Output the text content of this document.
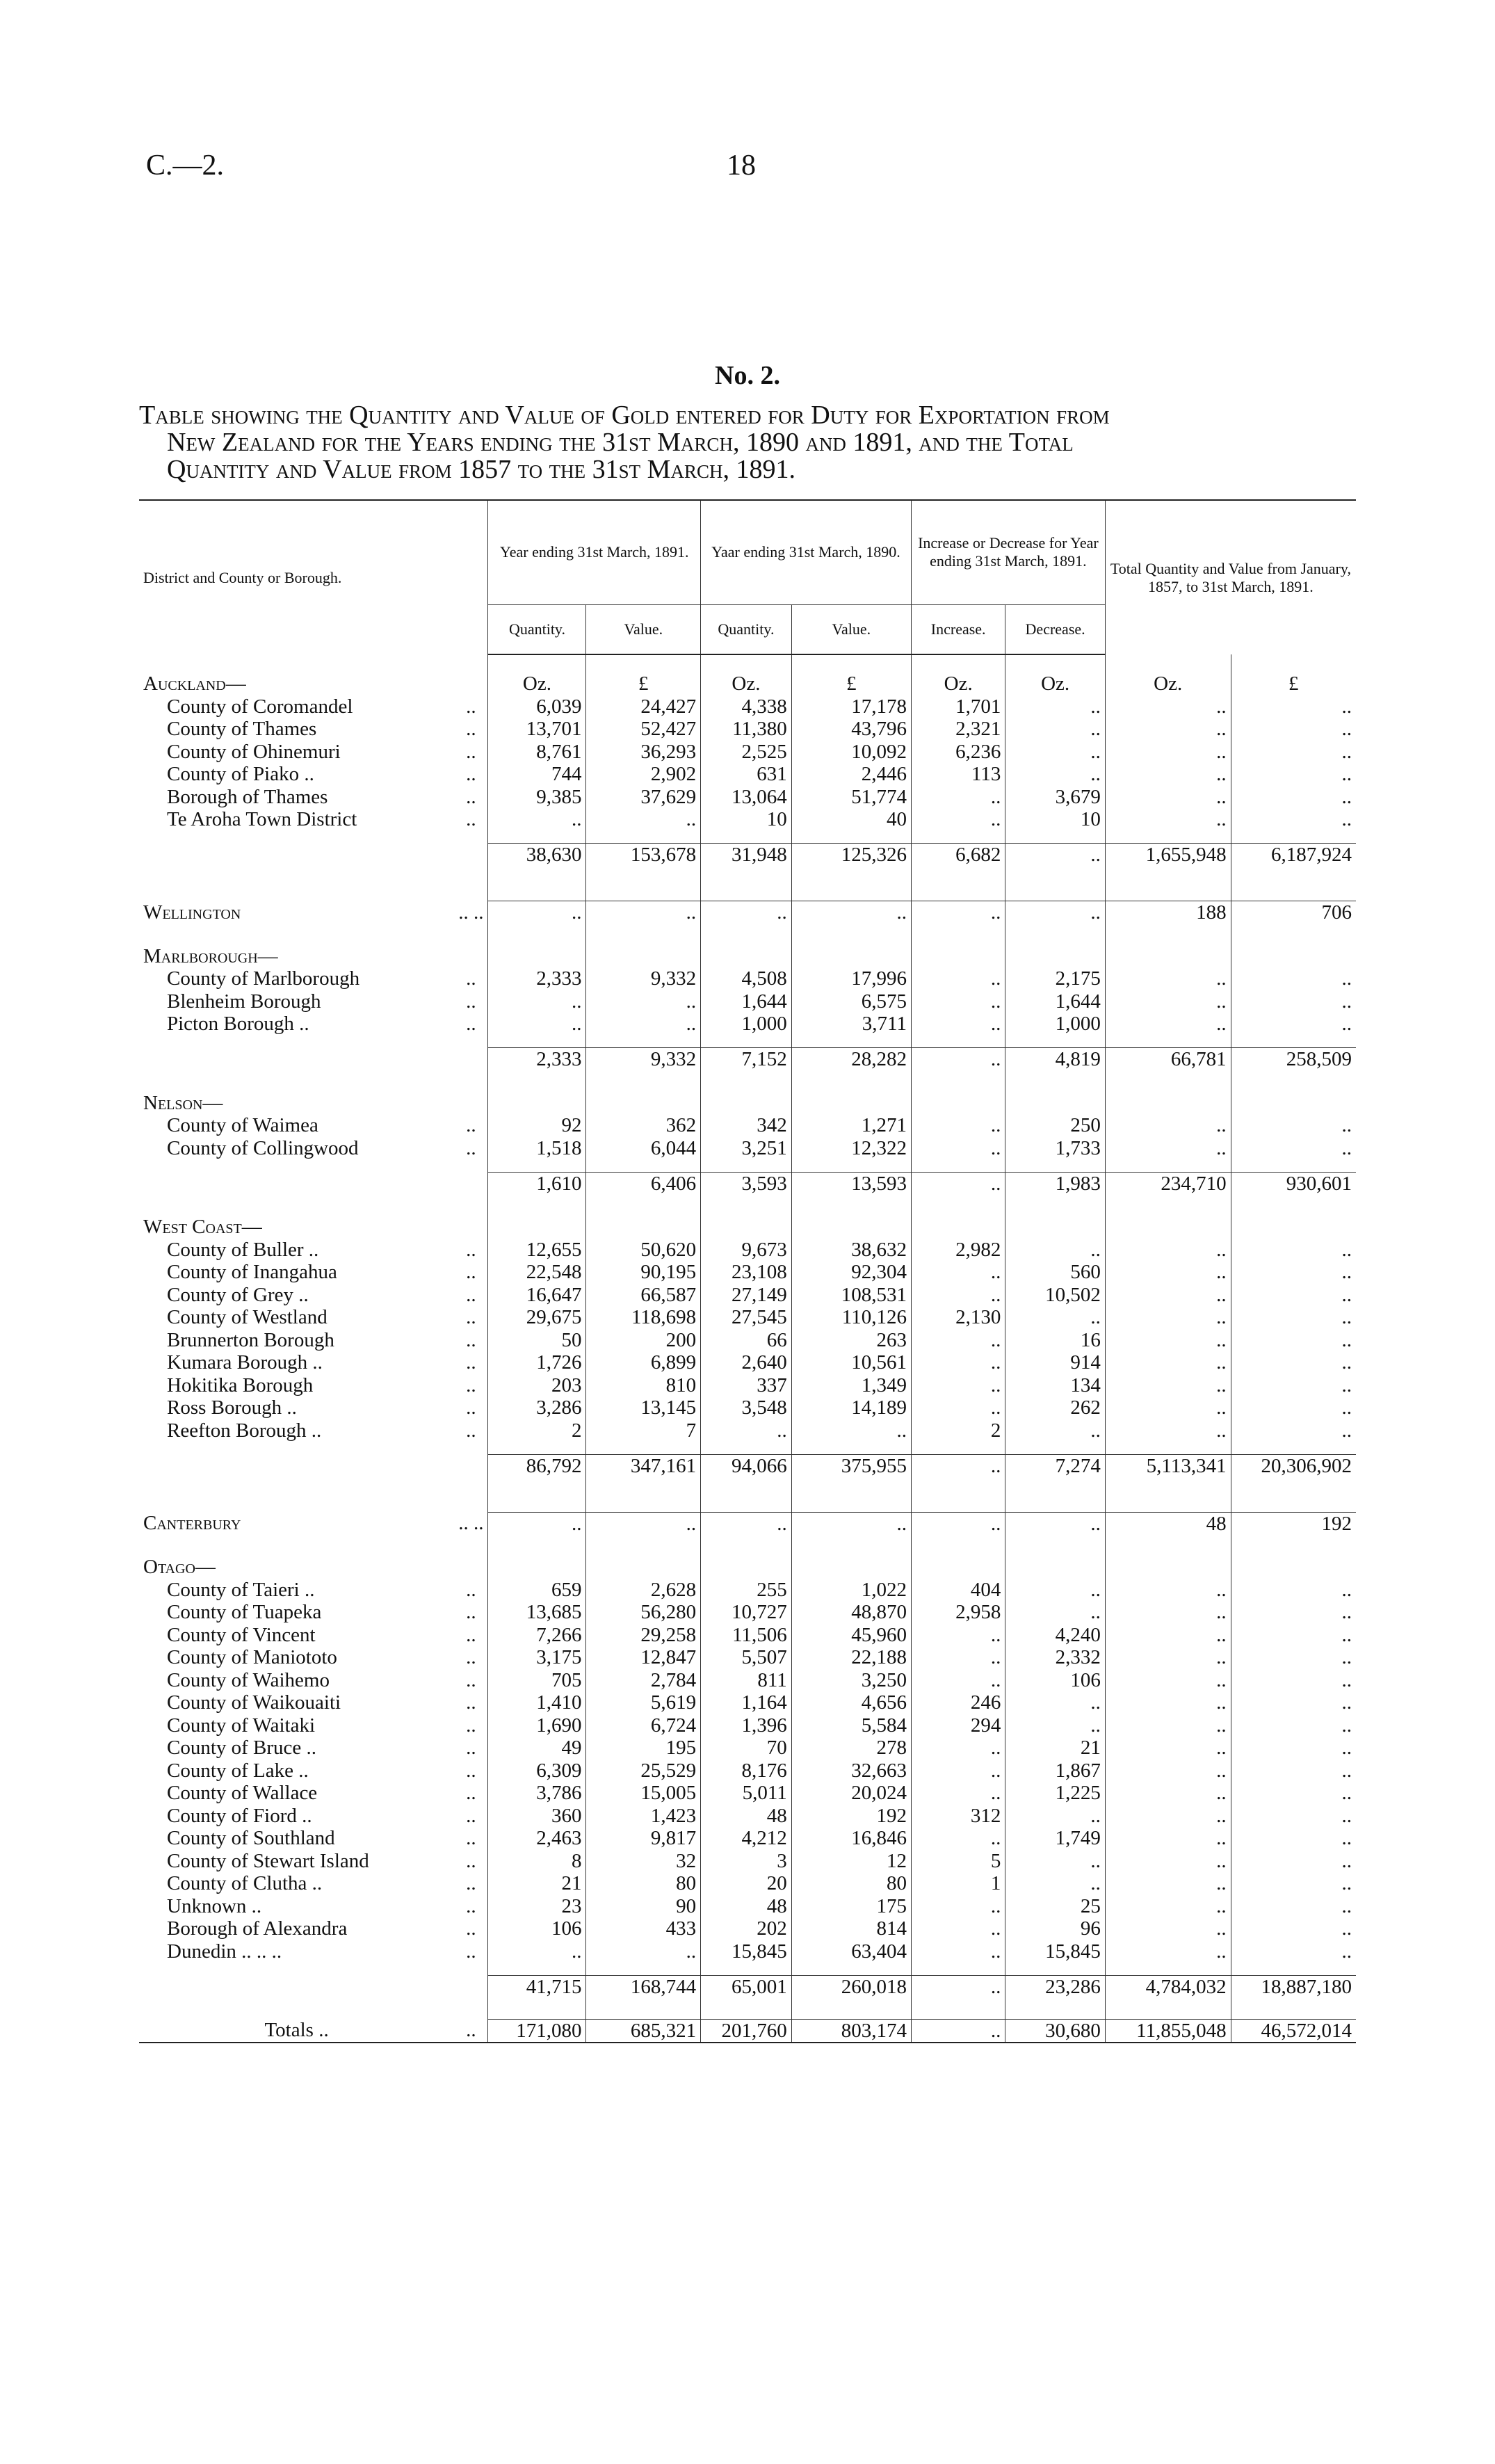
C.—2.	18
No. 2.
Table showing the Quantity and Value of Gold entered for Duty for Exportation from
New Zealand for the Years ending the 31st March, 1890 and 1891, and the Total
Quantity and Value from 1857 to the 31st March, 1891.
District and County or Borough.		Year ending 31st March, 1891.		Yaar ending 31st March, 1890.		Increase or Decrease for Year ending 31st March, 1891.		Total Quantity and Value from January, 1857, to 31st March, 1891.	
		Quantity.	Value.	Quantity.	Value.	Increase.	Decrease.		

Auckland—		Oz.	£	Oz.	£	Oz.	Oz.	Oz.	£
County of Coromandel	..	6,039	24,427	4,338	17,178	1,701	..	..	..
County of Thames	..	13,701	52,427	11,380	43,796	2,321	..	..	..
County of Ohinemuri	..	8,761	36,293	2,525	10,092	6,236	..	..	..
County of Piako ..	..	744	2,902	631	2,446	113	..	..	..
Borough of Thames	..	9,385	37,629	13,064	51,774	..	3,679	..	..
Te Aroha Town District	..	..	..	10	40	..	10	..	..

		38,630	153,678	31,948	125,326	6,682	..	1,655,948	6,187,924

Wellington	.. ..	..	..	..	..	..	..	188	706

Marlborough—									
County of Marlborough	..	2,333	9,332	4,508	17,996	..	2,175	..	..
Blenheim Borough	..	..	..	1,644	6,575	..	1,644	..	..
Picton Borough ..	..	..	..	1,000	3,711	..	1,000	..	..

		2,333	9,332	7,152	28,282	..	4,819	66,781	258,509

Nelson—									
County of Waimea	..	92	362	342	1,271	..	250	..	..
County of Collingwood	..	1,518	6,044	3,251	12,322	..	1,733	..	..

		1,610	6,406	3,593	13,593	..	1,983	234,710	930,601

West Coast—									
County of Buller ..	..	12,655	50,620	9,673	38,632	2,982	..	..	..
County of Inangahua	..	22,548	90,195	23,108	92,304	..	560	..	..
County of Grey ..	..	16,647	66,587	27,149	108,531	..	10,502	..	..
County of Westland	..	29,675	118,698	27,545	110,126	2,130	..	..	..
Brunnerton Borough	..	50	200	66	263	..	16	..	..
Kumara Borough ..	..	1,726	6,899	2,640	10,561	..	914	..	..
Hokitika Borough	..	203	810	337	1,349	..	134	..	..
Ross Borough ..	..	3,286	13,145	3,548	14,189	..	262	..	..
Reefton Borough ..	..	2	7	..	..	2	..	..	..

		86,792	347,161	94,066	375,955	..	7,274	5,113,341	20,306,902

Canterbury	.. ..	..	..	..	..	..	..	48	192

Otago—									
County of Taieri ..	..	659	2,628	255	1,022	404	..	..	..
County of Tuapeka	..	13,685	56,280	10,727	48,870	2,958	..	..	..
County of Vincent	..	7,266	29,258	11,506	45,960	..	4,240	..	..
County of Maniototo	..	3,175	12,847	5,507	22,188	..	2,332	..	..
County of Waihemo	..	705	2,784	811	3,250	..	106	..	..
County of Waikouaiti	..	1,410	5,619	1,164	4,656	246	..	..	..
County of Waitaki	..	1,690	6,724	1,396	5,584	294	..	..	..
County of Bruce ..	..	49	195	70	278	..	21	..	..
County of Lake ..	..	6,309	25,529	8,176	32,663	..	1,867	..	..
County of Wallace	..	3,786	15,005	5,011	20,024	..	1,225	..	..
County of Fiord ..	..	360	1,423	48	192	312	..	..	..
County of Southland	..	2,463	9,817	4,212	16,846	..	1,749	..	..
County of Stewart Island	..	8	32	3	12	5	..	..	..
County of Clutha ..	..	21	80	20	80	1	..	..	..
Unknown ..	..	23	90	48	175	..	25	..	..
Borough of Alexandra	..	106	433	202	814	..	96	..	..
Dunedin .. .. ..	..	..	..	15,845	63,404	..	15,845	..	..

		41,715	168,744	65,001	260,018	..	23,286	4,784,032	18,887,180

Totals ..	..	171,080	685,321	201,760	803,174	..	30,680	11,855,048	46,572,014
